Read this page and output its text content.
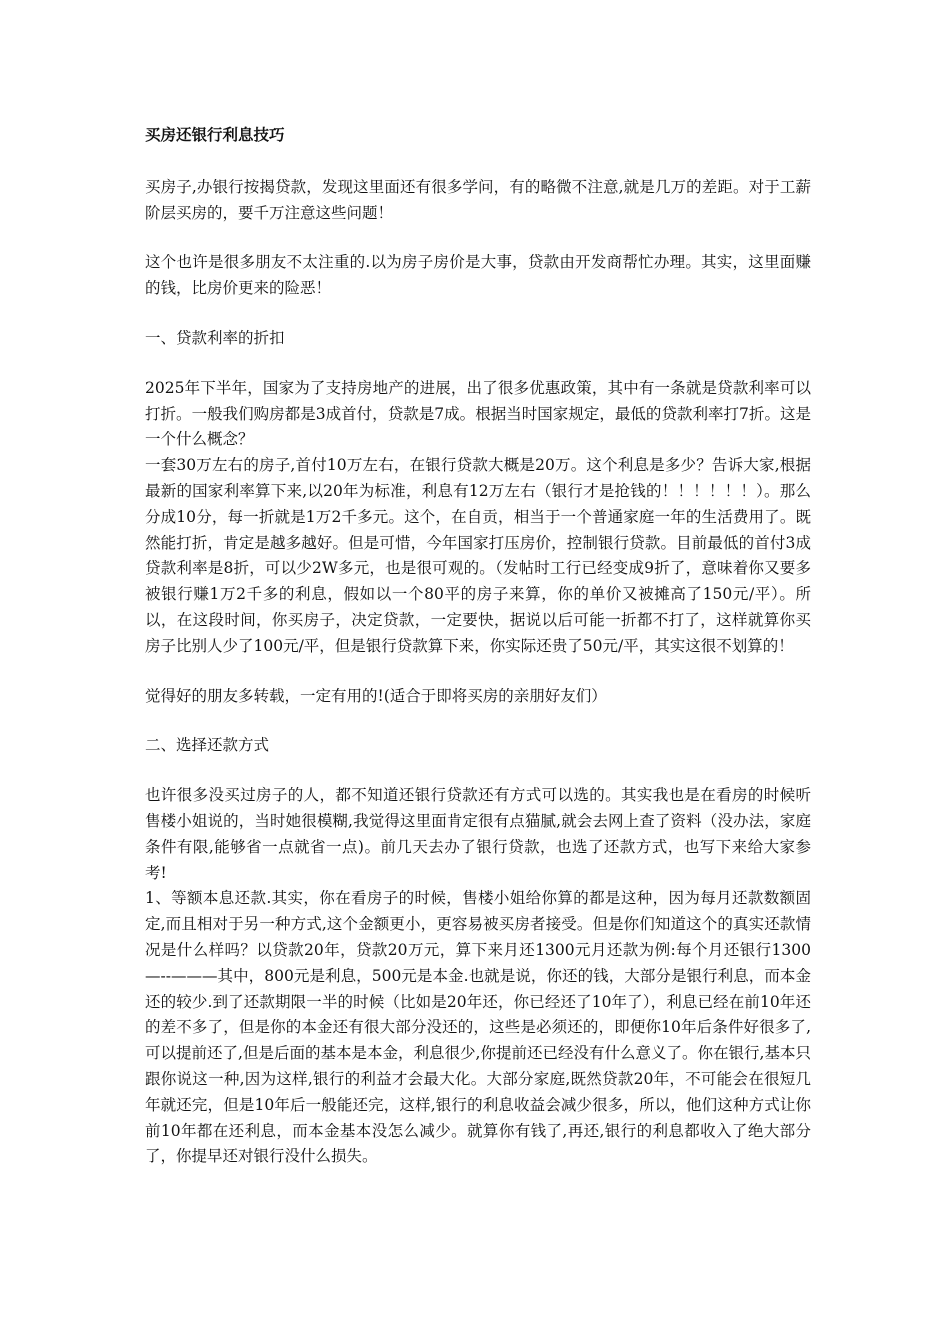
买房还银行利息技巧

买房子,办银行按揭贷款，发现这里面还有很多学问，有的略微不注意,就是几万的差距。对于工薪阶层买房的，要千万注意这些问题！

这个也许是很多朋友不太注重的.以为房子房价是大事，贷款由开发商帮忙办理。其实，这里面赚的钱，比房价更来的险恶！

一、贷款利率的折扣

2025年下半年，国家为了支持房地产的进展，出了很多优惠政策，其中有一条就是贷款利率可以打折。一般我们购房都是3成首付，贷款是7成。根据当时国家规定，最低的贷款利率打7折。这是一个什么概念？

一套30万左右的房子,首付10万左右，在银行贷款大概是20万。这个利息是多少？告诉大家,根据最新的国家利率算下来,以20年为标准，利息有12万左右（银行才是抢钱的！！！！！！）。那么分成10分，每一折就是1万2千多元。这个，在自贡，相当于一个普通家庭一年的生活费用了。既然能打折，肯定是越多越好。但是可惜，今年国家打压房价，控制银行贷款。目前最低的首付3成贷款利率是8折，可以少2W多元，也是很可观的。（发帖时工行已经变成9折了，意味着你又要多被银行赚1万2千多的利息，假如以一个80平的房子来算，你的单价又被摊高了150元/平）。所以，在这段时间，你买房子，决定贷款，一定要快，据说以后可能一折都不打了，这样就算你买房子比别人少了100元/平，但是银行贷款算下来，你实际还贵了50元/平，其实这很不划算的！

觉得好的朋友多转载，一定有用的!(适合于即将买房的亲朋好友们）

二、选择还款方式

也许很多没买过房子的人，都不知道还银行贷款还有方式可以选的。其实我也是在看房的时候听售楼小姐说的，当时她很模糊,我觉得这里面肯定很有点猫腻,就会去网上查了资料（没办法，家庭条件有限,能够省一点就省一点)。前几天去办了银行贷款，也选了还款方式，也写下来给大家参考!

1、等额本息还款.其实，你在看房子的时候，售楼小姐给你算的都是这种，因为每月还款数额固定,而且相对于另一种方式,这个金额更小，更容易被买房者接受。但是你们知道这个的真实还款情况是什么样吗？以贷款20年，贷款20万元，算下来月还1300元月还款为例:每个月还银行1300—--———其中，800元是利息，500元是本金.也就是说，你还的钱，大部分是银行利息，而本金还的较少.到了还款期限一半的时候（比如是20年还，你已经还了10年了），利息已经在前10年还的差不多了，但是你的本金还有很大部分没还的，这些是必须还的，即便你10年后条件好很多了,可以提前还了,但是后面的基本是本金，利息很少,你提前还已经没有什么意义了。你在银行,基本只跟你说这一种,因为这样,银行的利益才会最大化。大部分家庭,既然贷款20年，不可能会在很短几年就还完，但是10年后一般能还完，这样,银行的利息收益会减少很多，所以，他们这种方式让你前10年都在还利息，而本金基本没怎么减少。就算你有钱了,再还,银行的利息都收入了绝大部分了，你提早还对银行没什么损失。
